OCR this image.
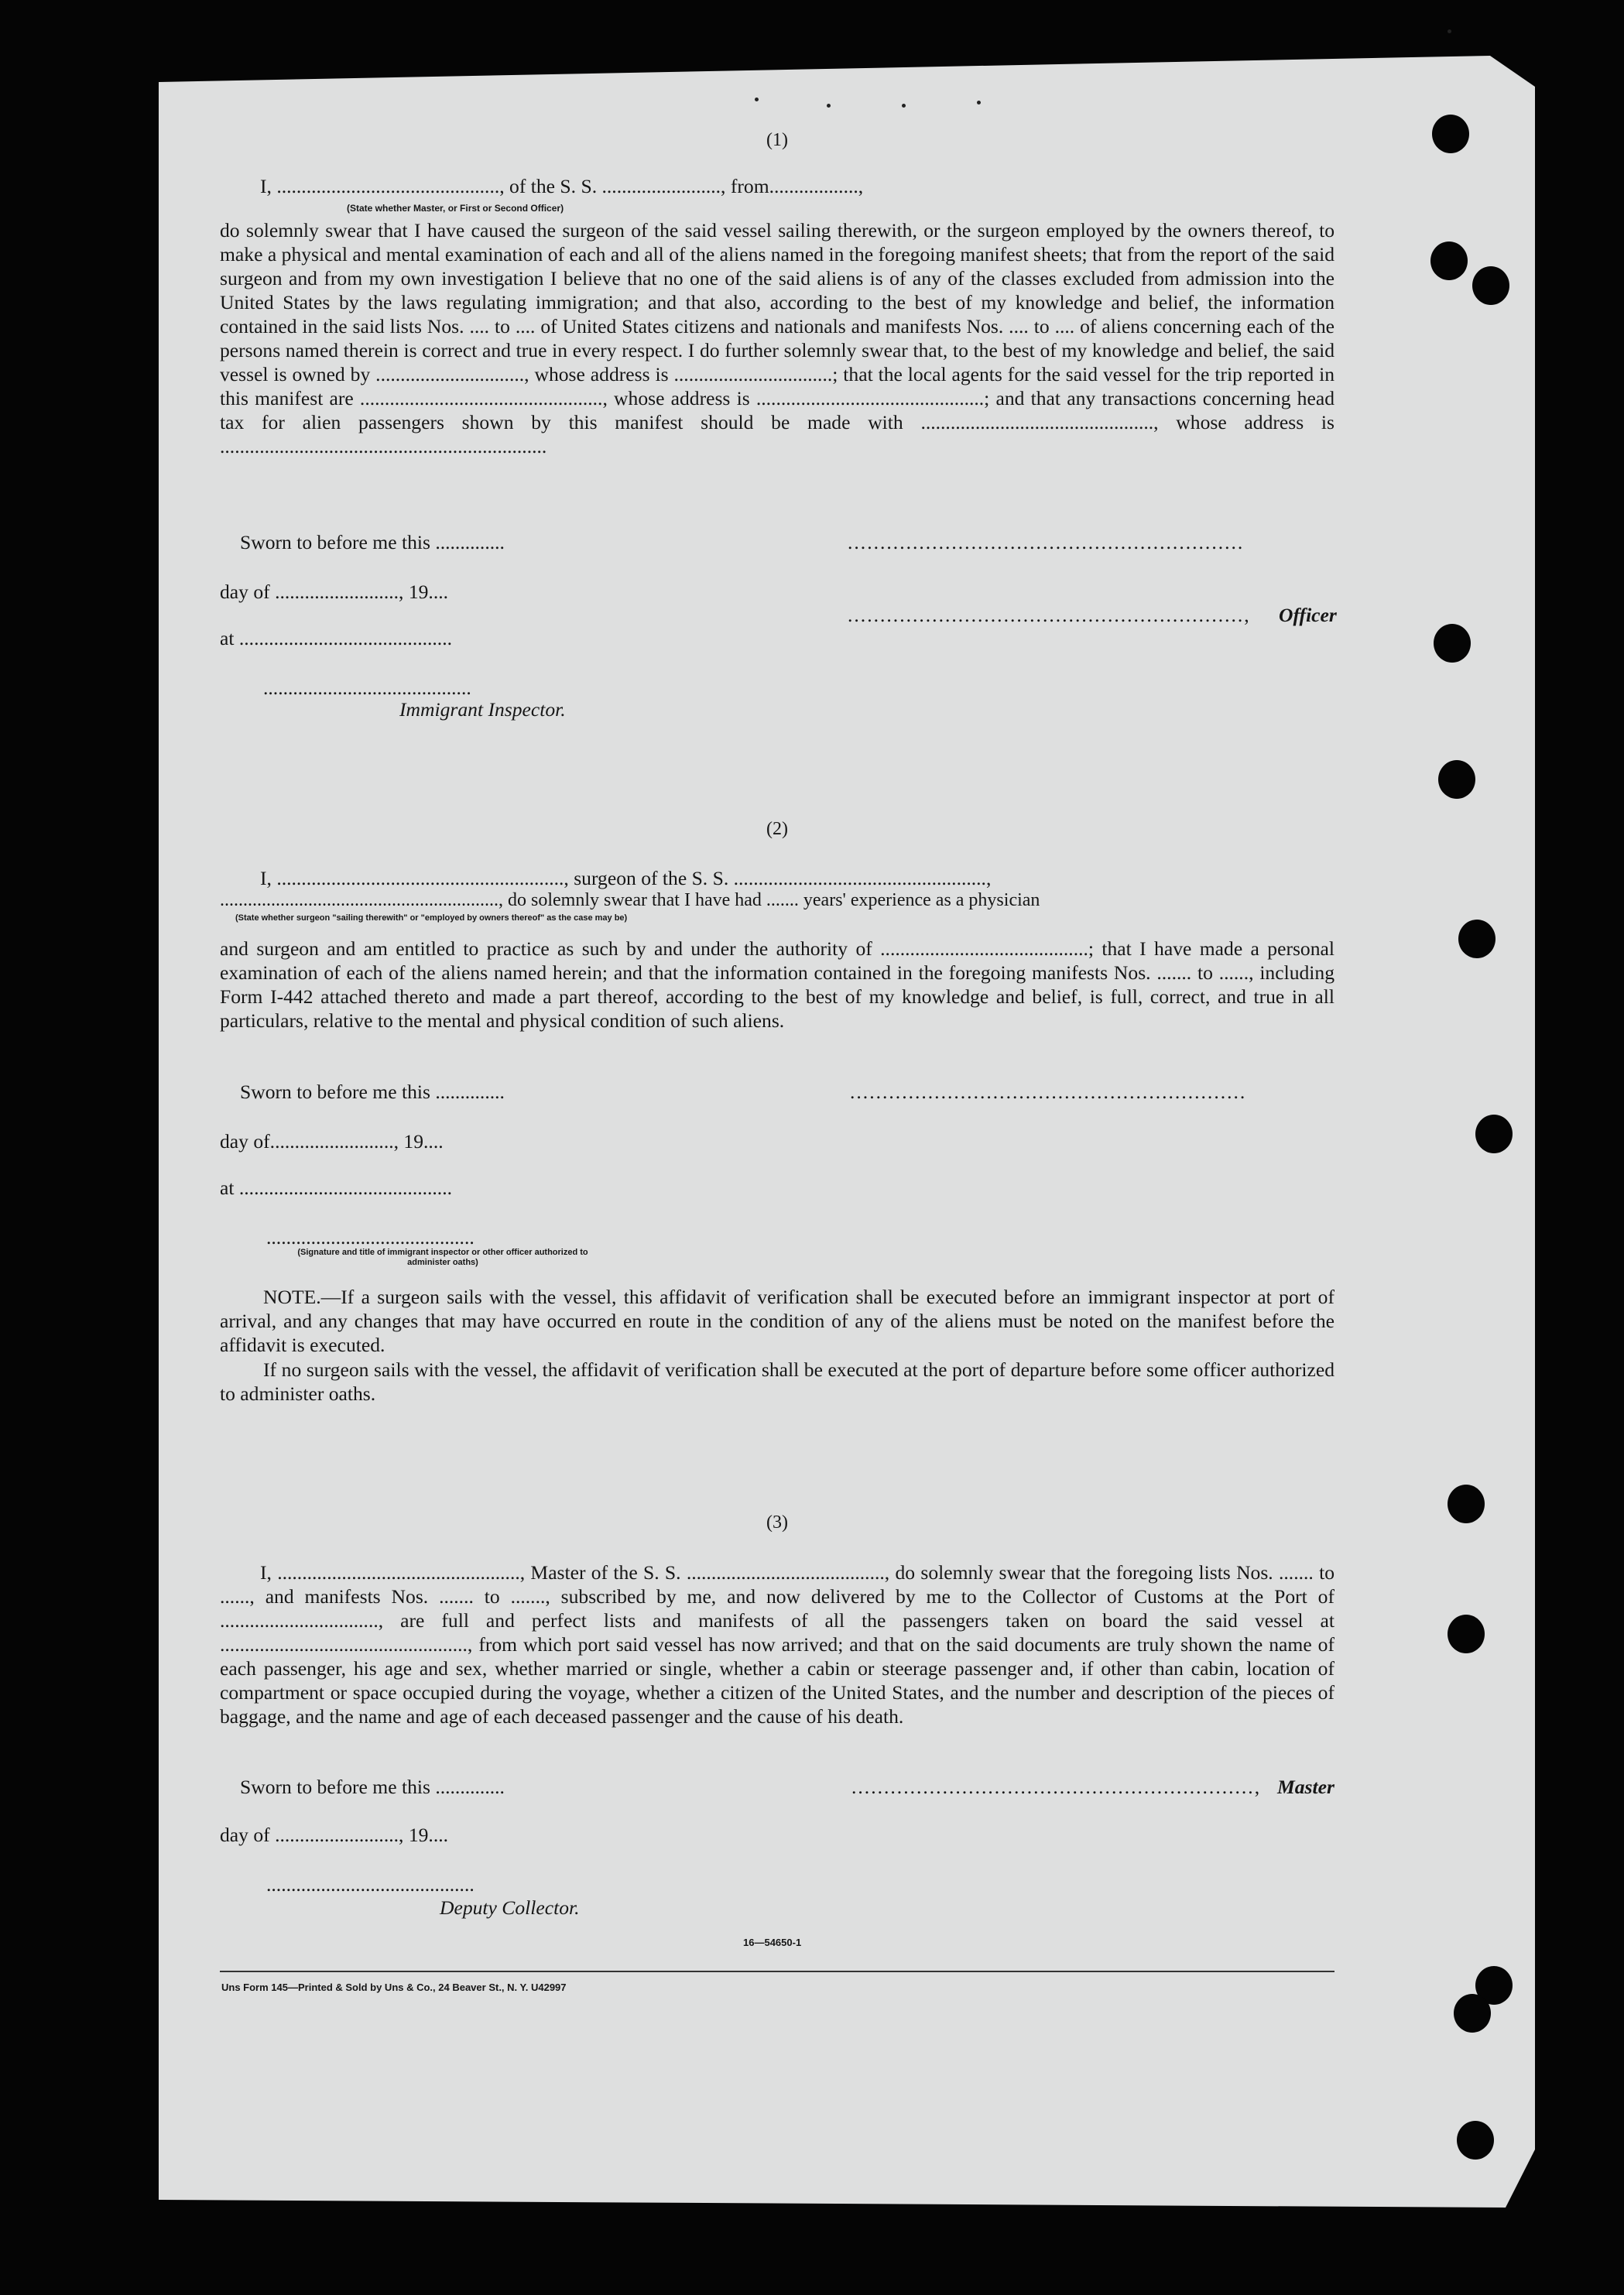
(1)
I, ............................................., of the S. S. ........................, from..................,
(State whether Master, or First or Second Officer)
do solemnly swear that I have caused the surgeon of the said vessel sailing therewith, or the surgeon employed by the owners thereof, to make a physical and mental examination of each and all of the aliens named in the foregoing manifest sheets; that from the report of the said surgeon and from my own investigation I believe that no one of the said aliens is of any of the classes excluded from admission into the United States by the laws regulating immigration; and that also, according to the best of my knowledge and belief, the information contained in the said lists Nos. .... to .... of United States citizens and nationals and manifests Nos. .... to .... of aliens concerning each of the persons named therein is correct and true in every respect. I do further solemnly swear that, to the best of my knowledge and belief, the said vessel is owned by .............................., whose address is ................................; that the local agents for the said vessel for the trip reported in this manifest are ................................................., whose address is ..............................................; and that any transactions concerning head tax for alien passengers shown by this manifest should be made with ..............................................., whose address is ..................................................................
Sworn to before me this ..............	.............................................................
day of ........................., 19....
............................................................., Officer
at ...........................................
..........................................
Immigrant Inspector.
(2)
I, .........................................................., surgeon of the S. S. ...................................................,
............................................................, do solemnly swear that I have had ....... years' experience as a physician
(State whether surgeon "sailing therewith" or "employed by owners thereof" as the case may be)
and surgeon and am entitled to practice as such by and under the authority of ..........................................; that I have made a personal examination of each of the aliens named herein; and that the information contained in the foregoing manifests Nos. ....... to ......, including Form I-442 attached thereto and made a part thereof, according to the best of my knowledge and belief, is full, correct, and true in all particulars, relative to the mental and physical condition of such aliens.
Sworn to before me this ..............	.............................................................
day of........................., 19....
at ...........................................
..........................................
(Signature and title of immigrant inspector or other officer authorized to administer oaths)
NOTE.—If a surgeon sails with the vessel, this affidavit of verification shall be executed before an immigrant inspector at port of arrival, and any changes that may have occurred en route in the condition of any of the aliens must be noted on the manifest before the affidavit is executed.
If no surgeon sails with the vessel, the affidavit of verification shall be executed at the port of departure before some officer authorized to administer oaths.
(3)
I, ................................................., Master of the S. S. ........................................, do solemnly swear that the foregoing lists Nos. ....... to ......, and manifests Nos. ....... to ......., subscribed by me, and now delivered by me to the Collector of Customs at the Port of ................................, are full and perfect lists and manifests of all the passengers taken on board the said vessel at .................................................., from which port said vessel has now arrived; and that on the said documents are truly shown the name of each passenger, his age and sex, whether married or single, whether a cabin or steerage passenger and, if other than cabin, location of compartment or space occupied during the voyage, whether a citizen of the United States, and the number and description of the pieces of baggage, and the name and age of each deceased passenger and the cause of his death.
Sworn to before me this ..............	.............................................................., Master
day of ........................., 19....
..........................................
Deputy Collector.
16—54650-1
Uns Form 145—Printed & Sold by Uns & Co., 24 Beaver St., N. Y. U42997
